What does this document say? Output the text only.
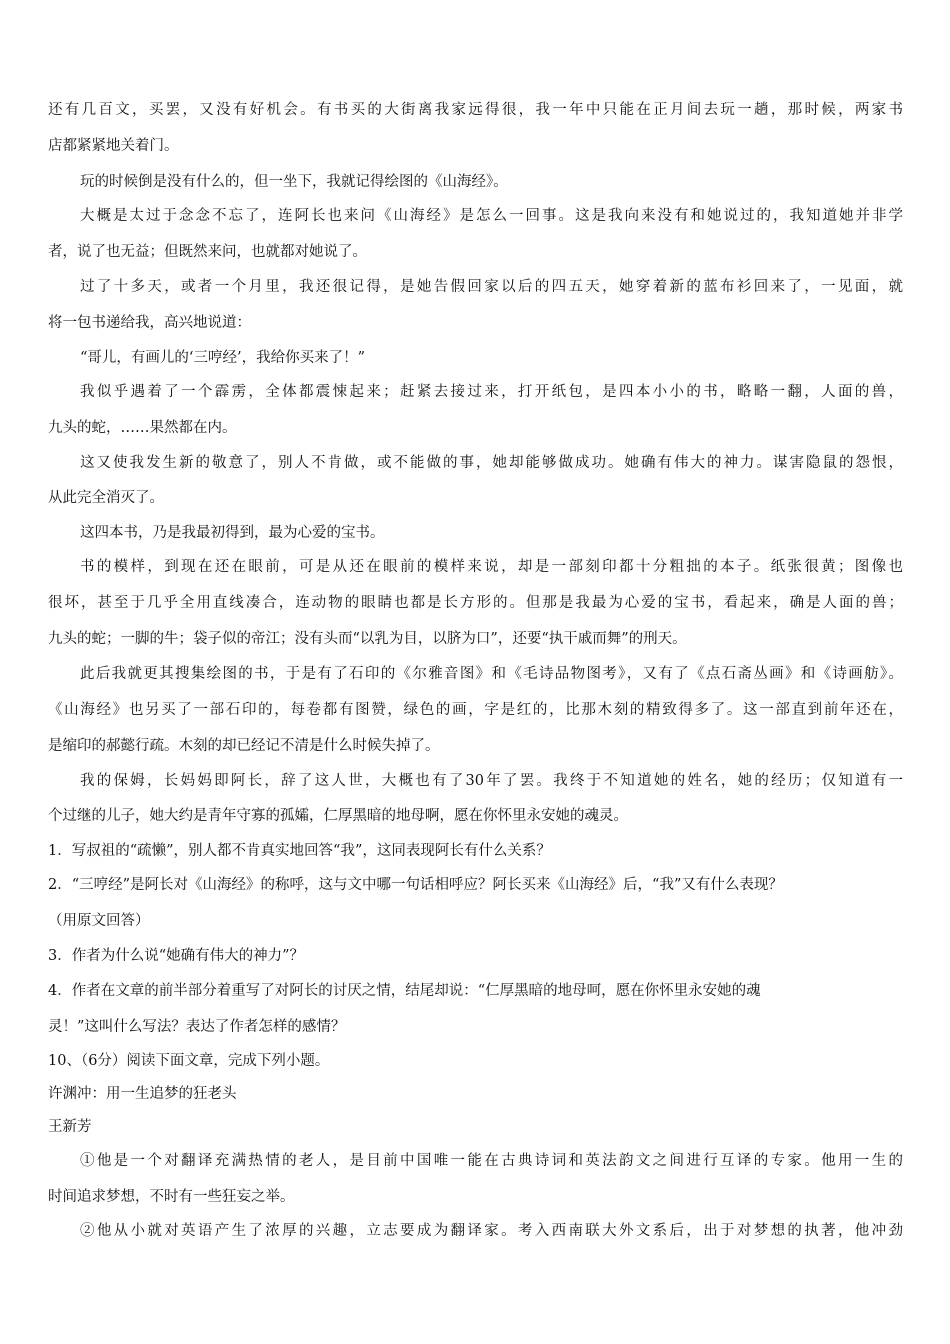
还有几百文，买罢，又没有好机会。有书买的大街离我家远得很，我一年中只能在正月间去玩一趟，那时候，两家书

店都紧紧地关着门。

玩的时候倒是没有什么的，但一坐下，我就记得绘图的《山海经》。

大概是太过于念念不忘了，连阿长也来问《山海经》是怎么一回事。这是我向来没有和她说过的，我知道她并非学

者，说了也无益；但既然来问，也就都对她说了。

过了十多天，或者一个月里，我还很记得，是她告假回家以后的四五天，她穿着新的蓝布衫回来了，一见面，就

将一包书递给我，高兴地说道：

“哥儿，有画儿的‘三哼经’，我给你买来了！”

我似乎遇着了一个霹雳，全体都震悚起来；赶紧去接过来，打开纸包，是四本小小的书，略略一翻，人面的兽，

九头的蛇，……果然都在内。

这又使我发生新的敬意了，别人不肯做，或不能做的事，她却能够做成功。她确有伟大的神力。谋害隐鼠的怨恨，

从此完全消灭了。

这四本书，乃是我最初得到，最为心爱的宝书。

书的模样，到现在还在眼前，可是从还在眼前的模样来说，却是一部刻印都十分粗拙的本子。纸张很黄；图像也

很坏，甚至于几乎全用直线凑合，连动物的眼睛也都是长方形的。但那是我最为心爱的宝书，看起来，确是人面的兽；

九头的蛇；一脚的牛；袋子似的帝江；没有头而“以乳为目，以脐为口”，还要“执干戚而舞”的刑天。

此后我就更其搜集绘图的书，于是有了石印的《尔雅音图》和《毛诗品物图考》，又有了《点石斋丛画》和《诗画舫》。

《山海经》也另买了一部石印的，每卷都有图赞，绿色的画，字是红的，比那木刻的精致得多了。这一部直到前年还在，

是缩印的郝懿行疏。木刻的却已经记不清是什么时候失掉了。

我的保姆，长妈妈即阿长，辞了这人世，大概也有了30年了罢。我终于不知道她的姓名，她的经历；仅知道有一

个过继的儿子，她大约是青年守寡的孤孀，仁厚黑暗的地母啊，愿在你怀里永安她的魂灵。

1．写叔祖的“疏懒”，别人都不肯真实地回答“我”，这同表现阿长有什么关系？

2．“三哼经”是阿长对《山海经》的称呼，这与文中哪一句话相呼应？阿长买来《山海经》后，“我”又有什么表现？

（用原文回答）

3．作者为什么说“她确有伟大的神力”？

4．作者在文章的前半部分着重写了对阿长的讨厌之情，结尾却说：“仁厚黑暗的地母呵，愿在你怀里永安她的魂

灵！”这叫什么写法？表达了作者怎样的感情？

10、（6分）阅读下面文章，完成下列小题。

许渊冲：用一生追梦的狂老头

王新芳

①他是一个对翻译充满热情的老人，是目前中国唯一能在古典诗词和英法韵文之间进行互译的专家。他用一生的

时间追求梦想，不时有一些狂妄之举。

②他从小就对英语产生了浓厚的兴趣，立志要成为翻译家。考入西南联大外文系后，出于对梦想的执著，他冲劲
